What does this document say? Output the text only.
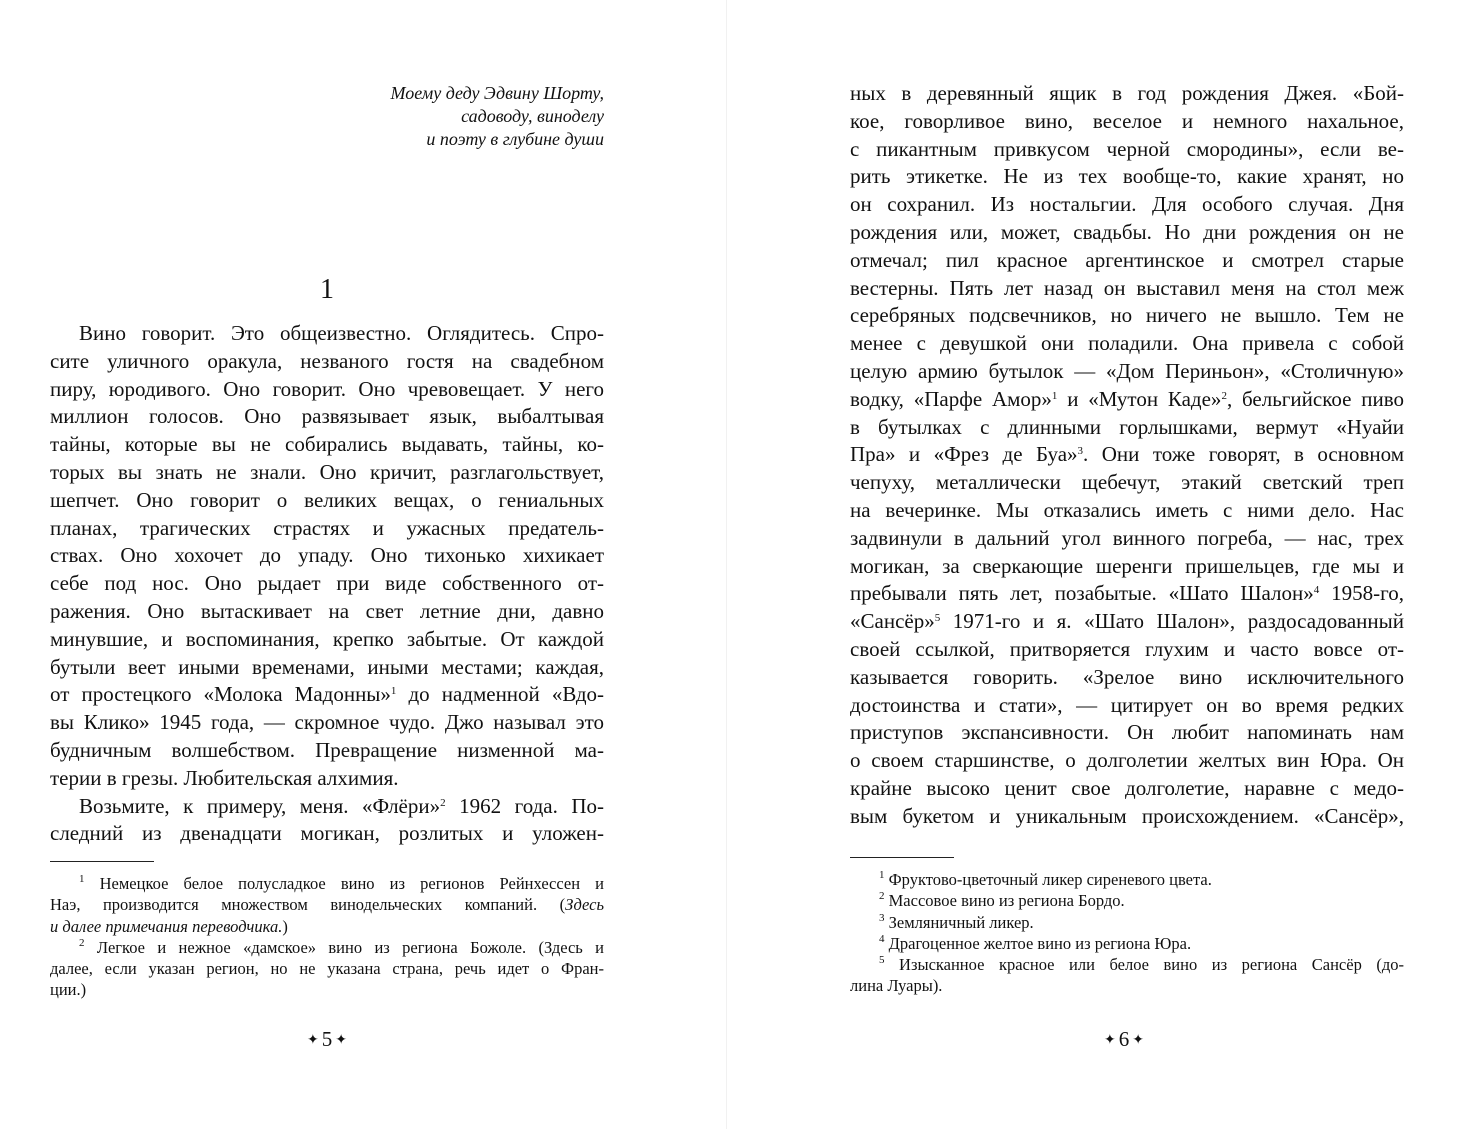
Моему деду Эдвину Шорту,
садоводу, виноделу
и поэту в глубине души
1
Вино говорит. Это общеизвестно. Оглядитесь. Спро-
сите уличного оракула, незваного гостя на свадебном
пиру, юродивого. Оно говорит. Оно чревовещает. У него
миллион голосов. Оно развязывает язык, выбалтывая
тайны, которые вы не собирались выдавать, тайны, ко-
торых вы знать не знали. Оно кричит, разглагольствует,
шепчет. Оно говорит о великих вещах, о гениальных
планах, трагических страстях и ужасных предатель-
ствах. Оно хохочет до упаду. Оно тихонько хихикает
себе под нос. Оно рыдает при виде собственного от-
ражения. Оно вытаскивает на свет летние дни, давно
минувшие, и воспоминания, крепко забытые. От каждой
бутыли веет иными временами, иными местами; каждая,
от простецкого «Молока Мадонны»$^1$ до надменной «Вдо-
вы Клико» 1945 года, — скромное чудо. Джо называл это
будничным волшебством. Превращение низменной ма-
терии в грезы. Любительская алхимия.
Возьмите, к примеру, меня. «Флёри»$^2$ 1962 года. По-
следний из двенадцати могикан, розлитых и уложен-
$^1$ Немецкое белое полусладкое вино из регионов Рейнхессен и
Наэ, производится множеством винодельческих компаний. (Здесь
и далее примечания переводчика.)
$^2$ Легкое и нежное «дамское» вино из региона Божоле. (Здесь и
далее, если указан регион, но не указана страна, речь идет о Фран-
ции.)
✦ 5 ✦
ных в деревянный ящик в год рождения Джея. «Бой-
кое, говорливое вино, веселое и немного нахальное,
с пикантным привкусом черной смородины», если ве-
рить этикетке. Не из тех вообще-то, какие хранят, но
он сохранил. Из ностальгии. Для особого случая. Дня
рождения или, может, свадьбы. Но дни рождения он не
отмечал; пил красное аргентинское и смотрел старые
вестерны. Пять лет назад он выставил меня на стол меж
серебряных подсвечников, но ничего не вышло. Тем не
менее с девушкой они поладили. Она привела с собой
целую армию бутылок — «Дом Периньон», «Столичную»
водку, «Парфе Амор»$^1$ и «Мутон Каде»$^2$, бельгийское пиво
в бутылках с длинными горлышками, вермут «Нуайи
Пра» и «Фрез де Буа»$^3$. Они тоже говорят, в основном
чепуху, металлически щебечут, этакий светский треп
на вечеринке. Мы отказались иметь с ними дело. Нас
задвинули в дальний угол винного погреба, — нас, трех
могикан, за сверкающие шеренги пришельцев, где мы и
пребывали пять лет, позабытые. «Шато Шалон»$^4$ 1958-го,
«Сансёр»$^5$ 1971-го и я. «Шато Шалон», раздосадованный
своей ссылкой, притворяется глухим и часто вовсе от-
казывается говорить. «Зрелое вино исключительного
достоинства и стати», — цитирует он во время редких
приступов экспансивности. Он любит напоминать нам
о своем старшинстве, о долголетии желтых вин Юра. Он
крайне высоко ценит свое долголетие, наравне с медо-
вым букетом и уникальным происхождением. «Сансёр»,
$^1$ Фруктово-цветочный ликер сиреневого цвета.
$^2$ Массовое вино из региона Бордо.
$^3$ Земляничный ликер.
$^4$ Драгоценное желтое вино из региона Юра.
$^5$ Изысканное красное или белое вино из региона Сансёр (до-
лина Луары).
✦ 6 ✦
